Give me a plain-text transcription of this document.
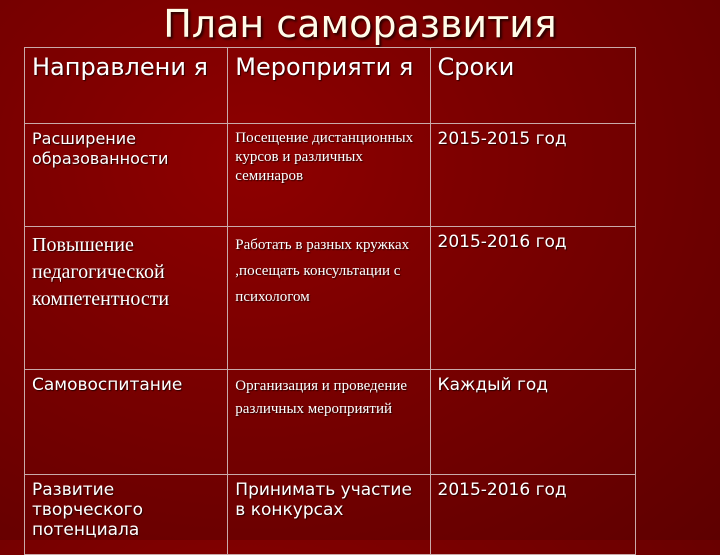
План саморазвития
Направлени я	Мероприяти я	Сроки
Расширение образованности	Посещение дистанционных курсов и различных семинаров	2015-2015 год
Повышение педагогической компетентности	Работать в разных кружках ,посещать консультации с психологом	2015-2016 год
Самовоспитание	Организация и проведение различных мероприятий	Каждый год
Развитие творческого потенциала	Принимать участие в конкурсах	2015-2016 год
